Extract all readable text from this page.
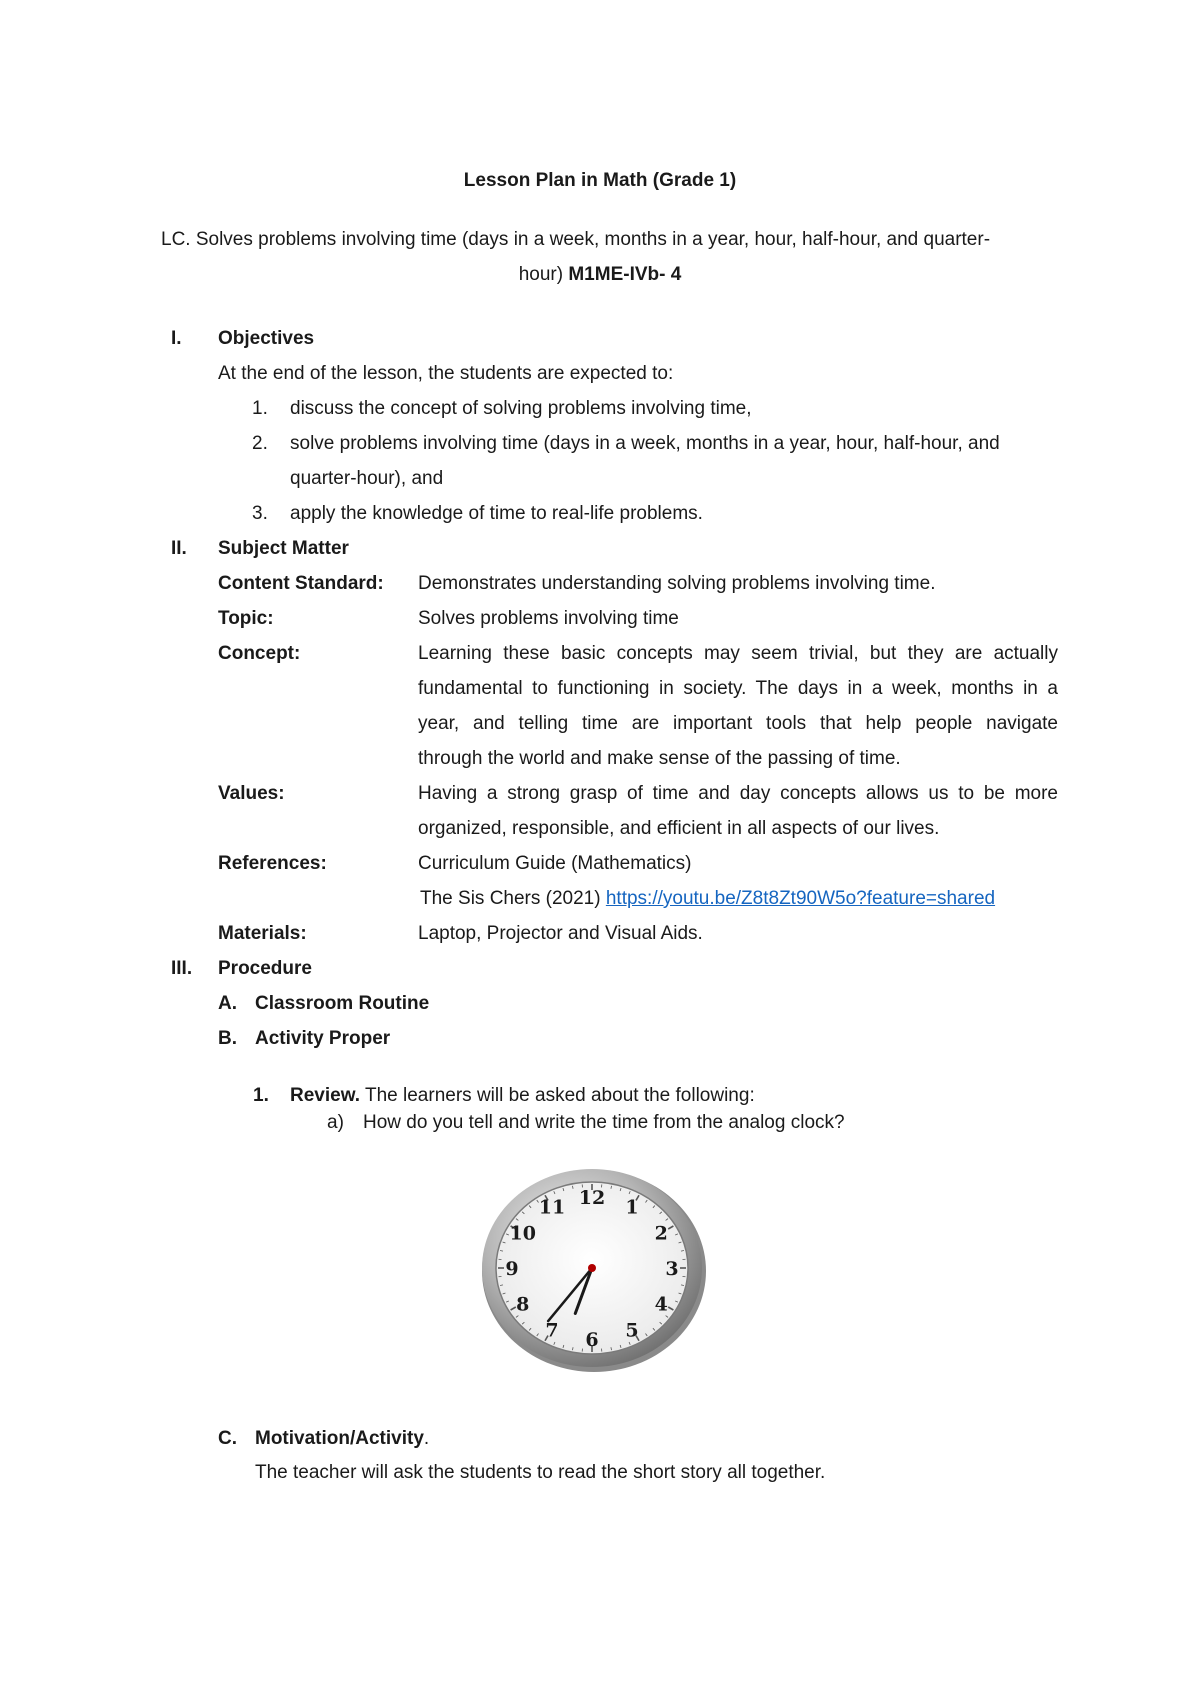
Lesson Plan in Math (Grade 1)
LC. Solves problems involving time (days in a week, months in a year, hour, half-hour, and quarter-
hour) M1ME-IVb- 4
I. Objectives
At the end of the lesson, the students are expected to:
1. discuss the concept of solving problems involving time,
2. solve problems involving time (days in a week, months in a year, hour, half-hour, and
quarter-hour), and
3. apply the knowledge of time to real-life problems.
II. Subject Matter
Content Standard: Demonstrates understanding solving problems involving time.
Topic:	Solves problems involving time
Concept:	Learning these basic concepts may seem trivial, but they are actually
fundamental to functioning in society. The days in a week, months in a
year, and telling time are important tools that help people navigate
through the world and make sense of the passing of time.
Values:	Having a strong grasp of time and day concepts allows us to be more
organized, responsible, and efficient in all aspects of our lives.
References:	Curriculum Guide (Mathematics)
The Sis Chers (2021) https://youtu.be/Z8t8Zt90W5o?feature=shared
Materials:	Laptop, Projector and Visual Aids.
III. Procedure
A. Classroom Routine
B. Activity Proper
1. Review. The learners will be asked about the following:
a) How do you tell and write the time from the analog clock?
12 1
2
3
4
5
6
7
8
9
10
11
C. Motivation/Activity.
The teacher will ask the students to read the short story all together.
